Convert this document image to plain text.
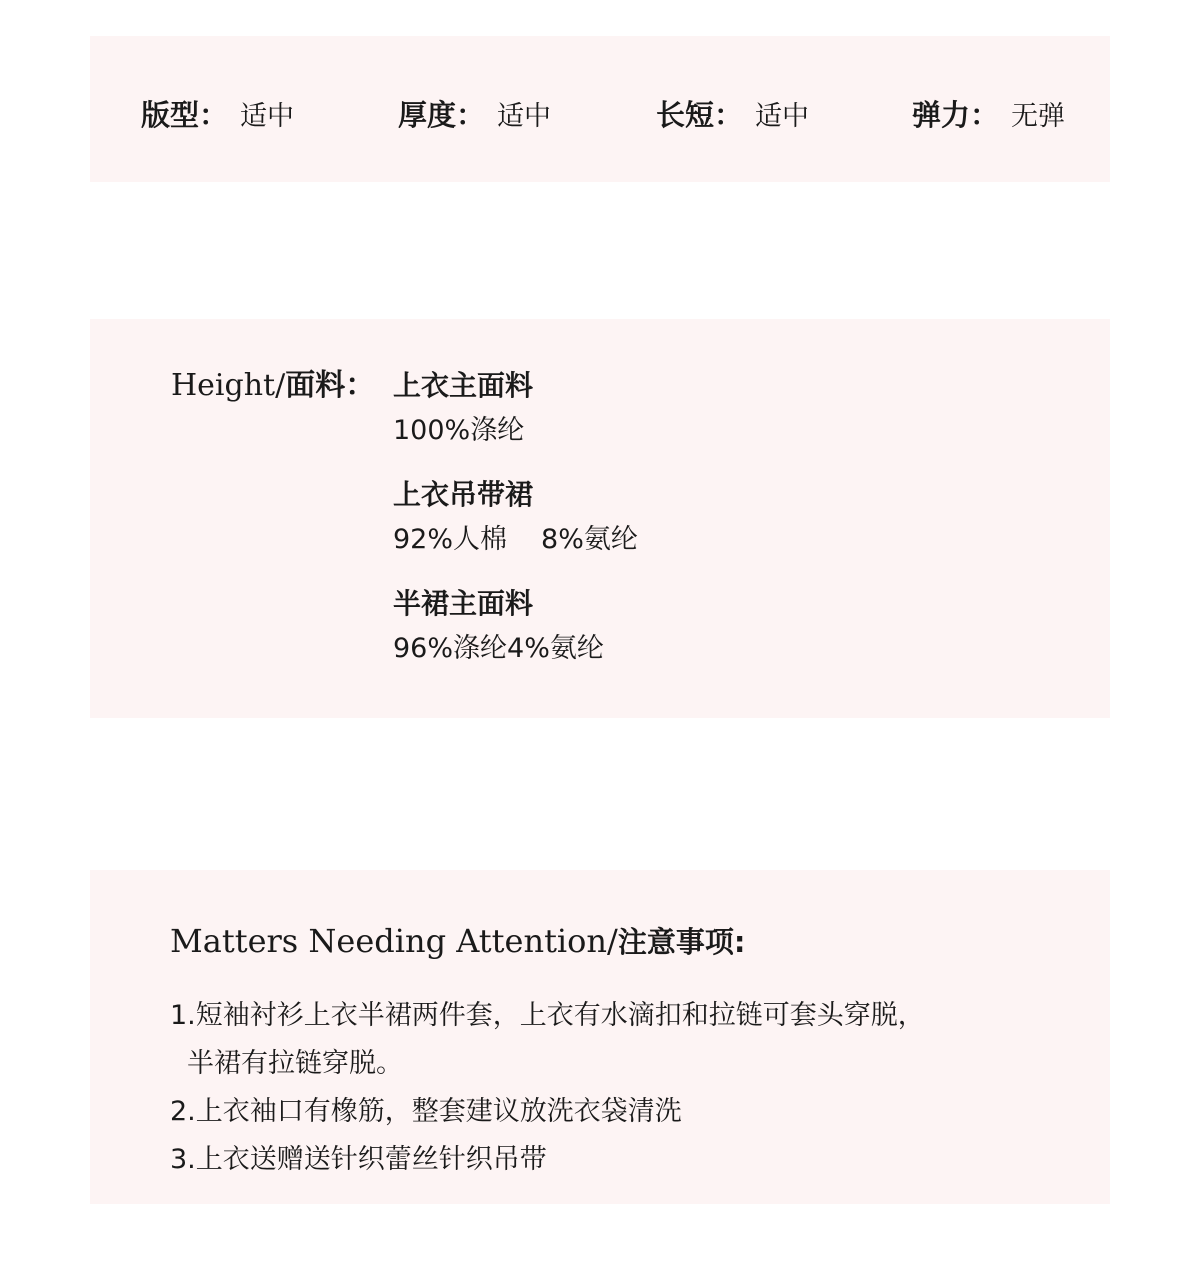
版型： 适中	厚度： 适中	长短： 适中	弹力： 无弹
Height/面料： 上衣主面料
100%涤纶
上衣吊带裙
92%人棉 8%氨纶
半裙主面料
96%涤纶4%氨纶
Matters Needing Attention/注意事项:
1.短袖衬衫上衣半裙两件套，上衣有水滴扣和拉链可套头穿脱，
半裙有拉链穿脱。
2.上衣袖口有橡筋，整套建议放洗衣袋清洗
3.上衣送赠送针织蕾丝针织吊带
